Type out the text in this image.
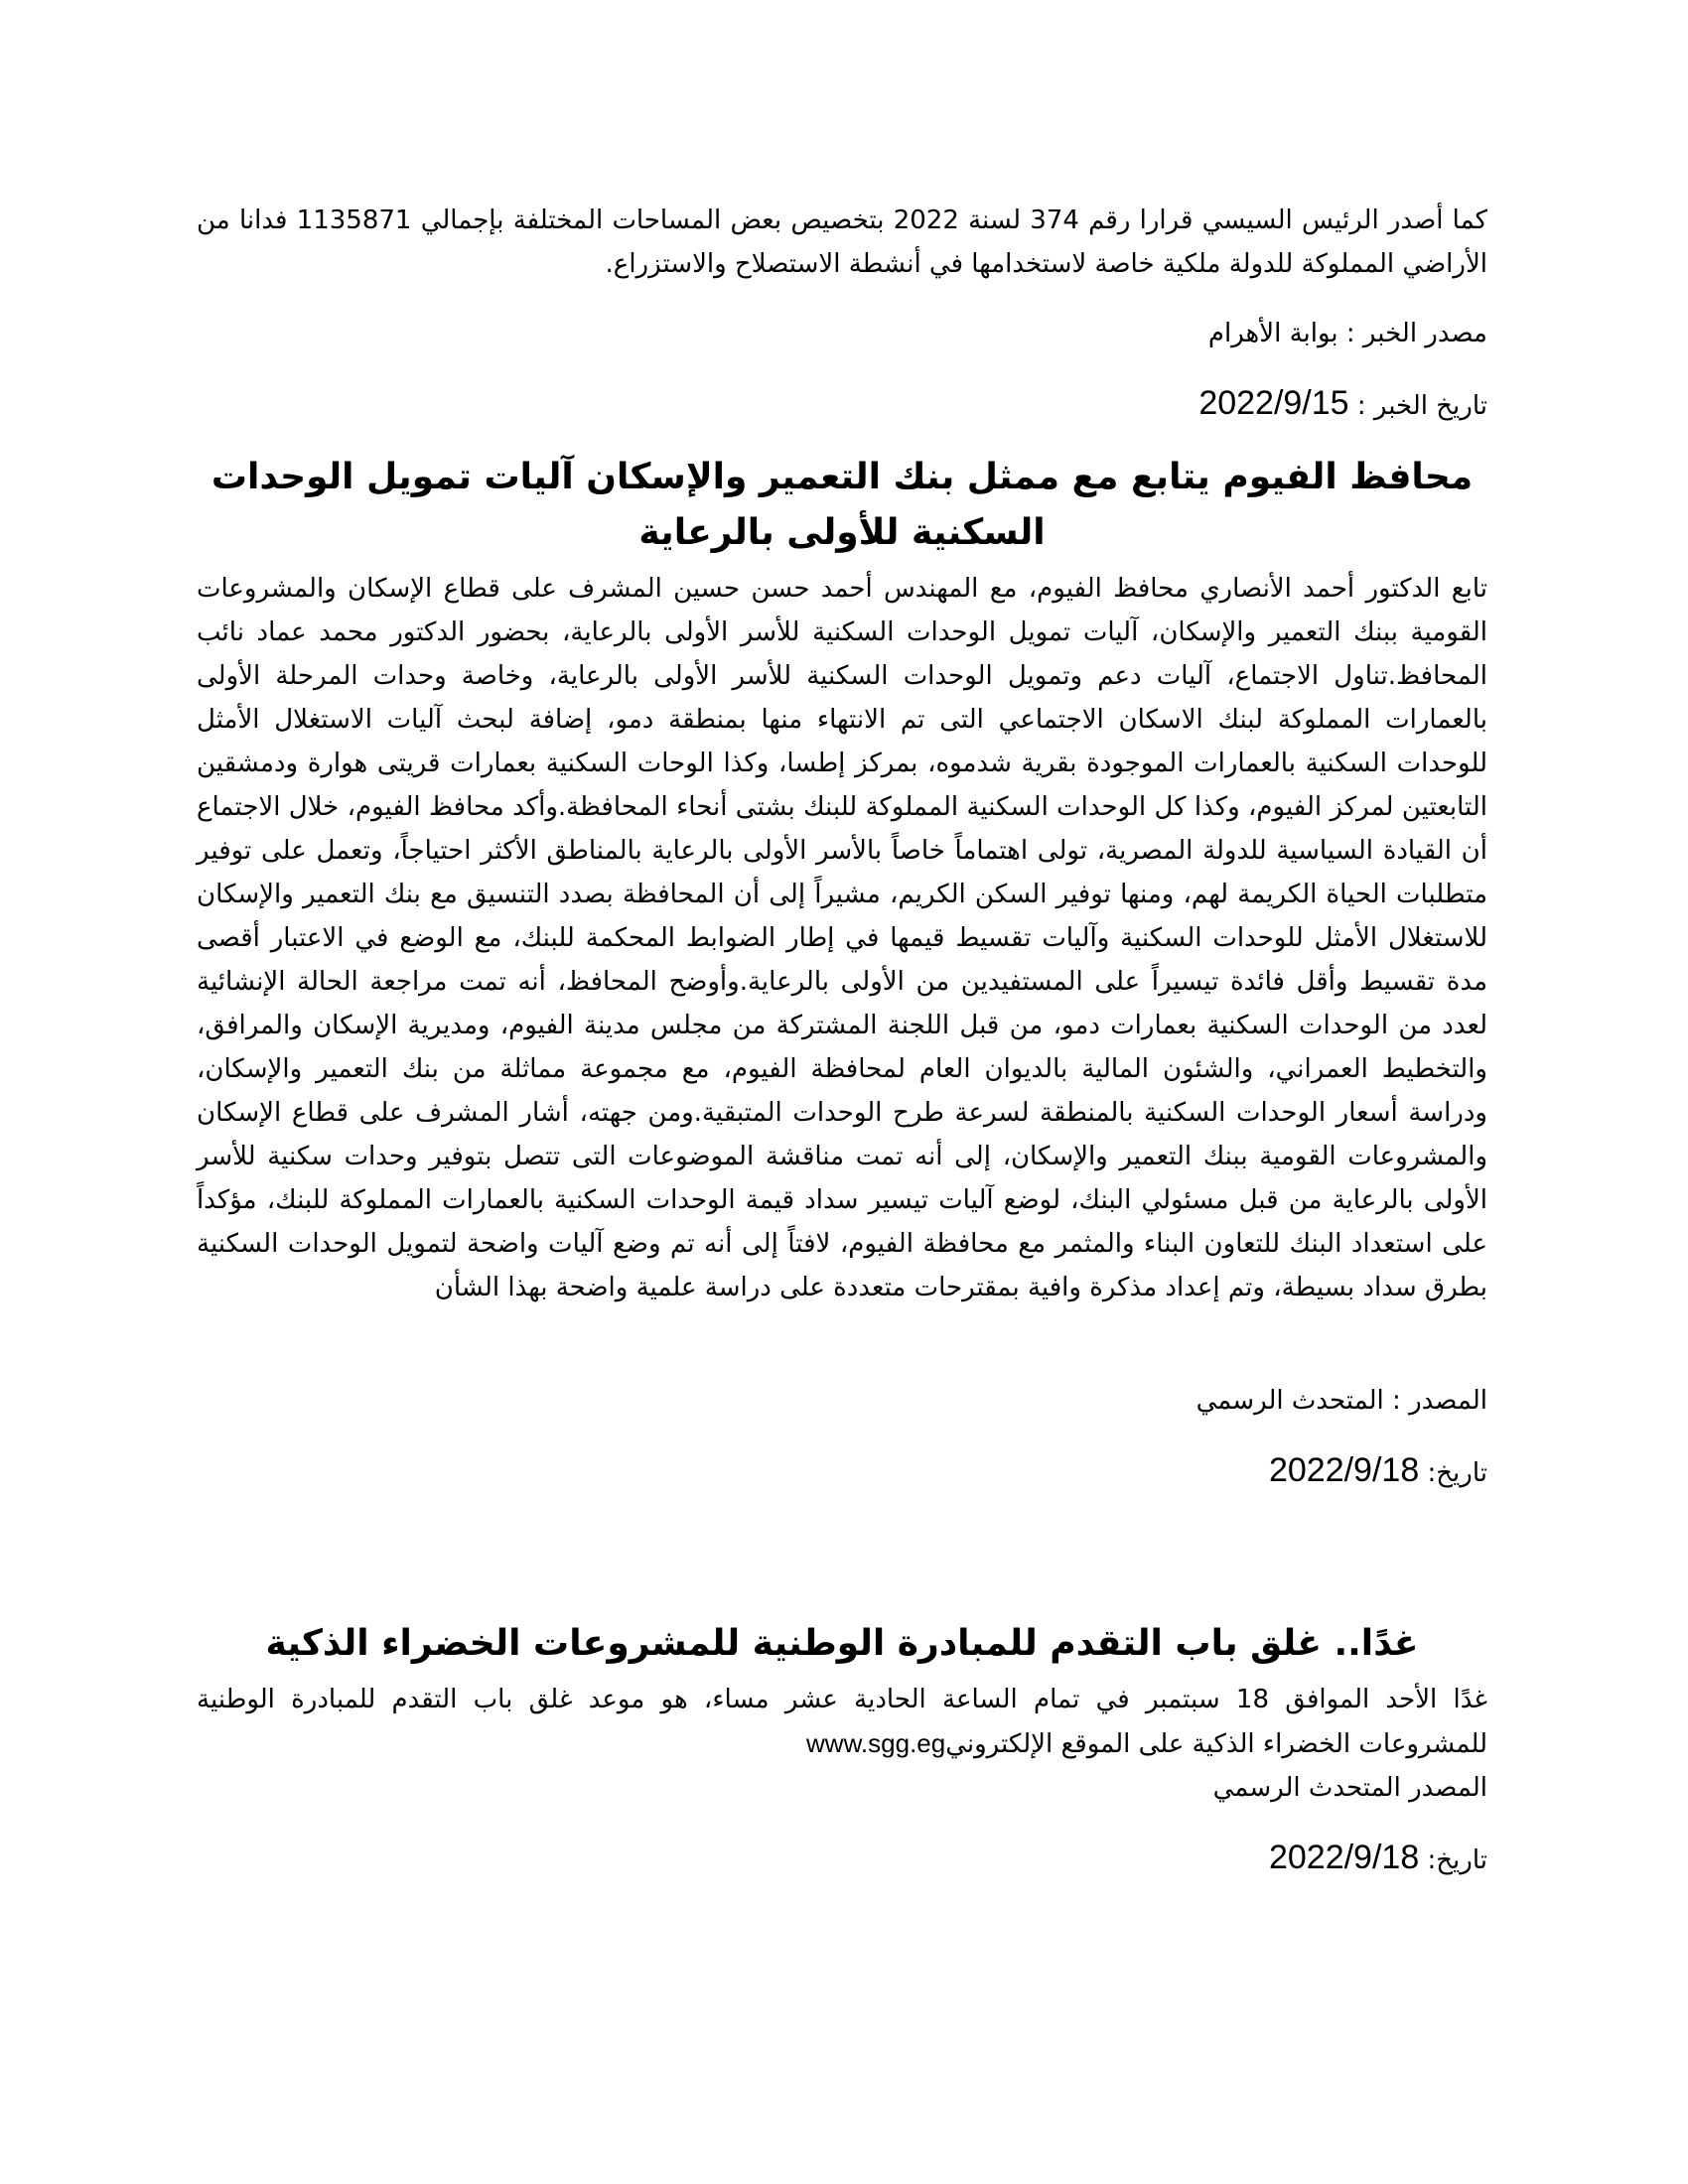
كما أصدر الرئيس السيسي قرارا رقم 374 لسنة 2022 بتخصيص بعض المساحات المختلفة بإجمالي 1135871 فدانا من الأراضي المملوكة للدولة ملكية خاصة لاستخدامها في أنشطة الاستصلاح والاستزراع.

مصدر الخبر : بوابة الأهرام

تاريخ الخبر : 2022/9/15

محافظ الفيوم يتابع مع ممثل بنك التعمير والإسكان آليات تمويل الوحدات السكنية للأولى بالرعاية

تابع الدكتور أحمد الأنصاري محافظ الفيوم، مع المهندس أحمد حسن حسين المشرف على قطاع الإسكان والمشروعات القومية ببنك التعمير والإسكان، آليات تمويل الوحدات السكنية للأسر الأولى بالرعاية، بحضور الدكتور محمد عماد نائب المحافظ.تناول الاجتماع، آليات دعم وتمويل الوحدات السكنية للأسر الأولى بالرعاية، وخاصة وحدات المرحلة الأولى بالعمارات المملوكة لبنك الاسكان الاجتماعي التى تم الانتهاء منها بمنطقة دمو، إضافة لبحث آليات الاستغلال الأمثل للوحدات السكنية بالعمارات الموجودة بقرية شدموه، بمركز إطسا، وكذا الوحات السكنية بعمارات قريتى هوارة ودمشقين التابعتين لمركز الفيوم، وكذا كل الوحدات السكنية المملوكة للبنك بشتى أنحاء المحافظة.وأكد محافظ الفيوم، خلال الاجتماع أن القيادة السياسية للدولة المصرية، تولى اهتماماً خاصاً بالأسر الأولى بالرعاية بالمناطق الأكثر احتياجاً، وتعمل على توفير متطلبات الحياة الكريمة لهم، ومنها توفير السكن الكريم، مشيراً إلى أن المحافظة بصدد التنسيق مع بنك التعمير والإسكان للاستغلال الأمثل للوحدات السكنية وآليات تقسيط قيمها في إطار الضوابط المحكمة للبنك، مع الوضع في الاعتبار أقصى مدة تقسيط وأقل فائدة تيسيراً على المستفيدين من الأولى بالرعاية.وأوضح المحافظ، أنه تمت مراجعة الحالة الإنشائية لعدد من الوحدات السكنية بعمارات دمو، من قبل اللجنة المشتركة من مجلس مدينة الفيوم، ومديرية الإسكان والمرافق، والتخطيط العمراني، والشئون المالية بالديوان العام لمحافظة الفيوم، مع مجموعة مماثلة من بنك التعمير والإسكان، ودراسة أسعار الوحدات السكنية بالمنطقة لسرعة طرح الوحدات المتبقية.ومن جهته، أشار المشرف على قطاع الإسكان والمشروعات القومية ببنك التعمير والإسكان، إلى أنه تمت مناقشة الموضوعات التى تتصل بتوفير وحدات سكنية للأسر الأولى بالرعاية من قبل مسئولي البنك، لوضع آليات تيسير سداد قيمة الوحدات السكنية بالعمارات المملوكة للبنك، مؤكداً على استعداد البنك للتعاون البناء والمثمر مع محافظة الفيوم، لافتاً إلى أنه تم وضع آليات واضحة لتمويل الوحدات السكنية بطرق سداد بسيطة، وتم إعداد مذكرة وافية بمقترحات متعددة على دراسة علمية واضحة بهذا الشأن

المصدر : المتحدث الرسمي

تاريخ: 2022/9/18

غدًا.. غلق باب التقدم للمبادرة الوطنية للمشروعات الخضراء الذكية

غدًا الأحد الموافق 18 سبتمبر في تمام الساعة الحادية عشر مساء، هو موعد غلق باب التقدم للمبادرة الوطنية للمشروعات الخضراء الذكية على الموقع الإلكترونيwww.sgg.eg

المصدر المتحدث الرسمي

تاريخ: 2022/9/18
